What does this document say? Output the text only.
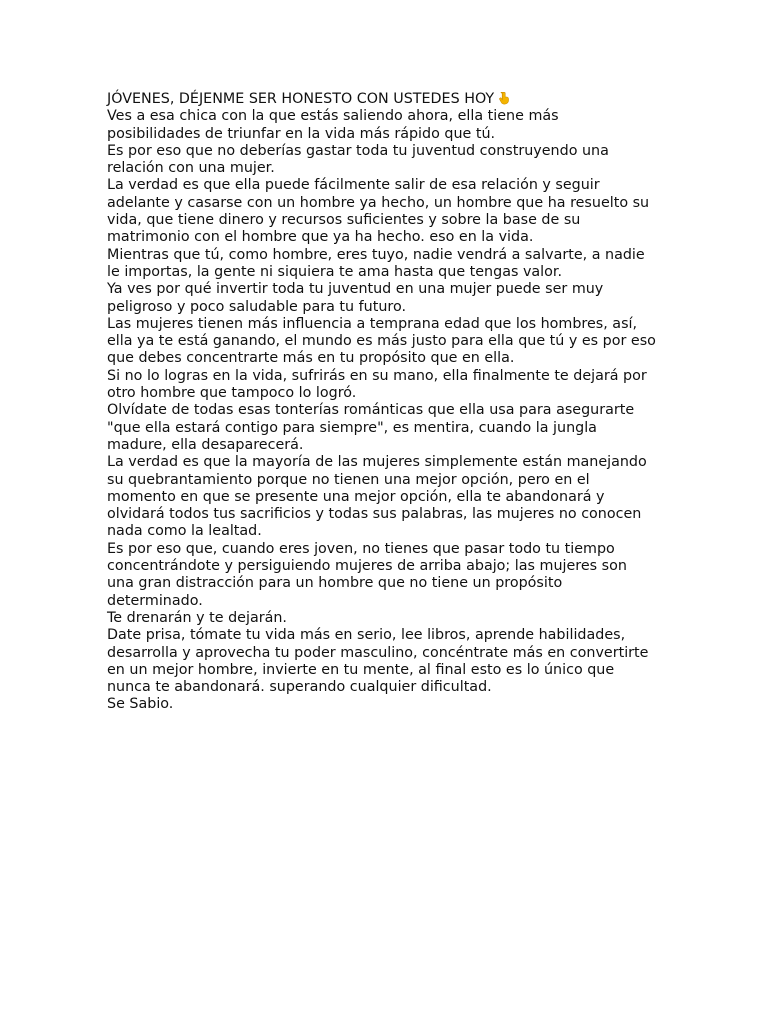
JÓVENES, DÉJENME SER HONESTO CON USTEDES HOY
Ves a esa chica con la que estás saliendo ahora, ella tiene más
posibilidades de triunfar en la vida más rápido que tú.
Es por eso que no deberías gastar toda tu juventud construyendo una
relación con una mujer.
La verdad es que ella puede fácilmente salir de esa relación y seguir
adelante y casarse con un hombre ya hecho, un hombre que ha resuelto su
vida, que tiene dinero y recursos suficientes y sobre la base de su
matrimonio con el hombre que ya ha hecho. eso en la vida.
Mientras que tú, como hombre, eres tuyo, nadie vendrá a salvarte, a nadie
le importas, la gente ni siquiera te ama hasta que tengas valor.
Ya ves por qué invertir toda tu juventud en una mujer puede ser muy
peligroso y poco saludable para tu futuro.
Las mujeres tienen más influencia a temprana edad que los hombres, así,
ella ya te está ganando, el mundo es más justo para ella que tú y es por eso
que debes concentrarte más en tu propósito que en ella.
Si no lo logras en la vida, sufrirás en su mano, ella finalmente te dejará por
otro hombre que tampoco lo logró.
Olvídate de todas esas tonterías románticas que ella usa para asegurarte
"que ella estará contigo para siempre", es mentira, cuando la jungla
madure, ella desaparecerá.
La verdad es que la mayoría de las mujeres simplemente están manejando
su quebrantamiento porque no tienen una mejor opción, pero en el
momento en que se presente una mejor opción, ella te abandonará y
olvidará todos tus sacrificios y todas sus palabras, las mujeres no conocen
nada como la lealtad.
Es por eso que, cuando eres joven, no tienes que pasar todo tu tiempo
concentrándote y persiguiendo mujeres de arriba abajo; las mujeres son
una gran distracción para un hombre que no tiene un propósito
determinado.
Te drenarán y te dejarán.
Date prisa, tómate tu vida más en serio, lee libros, aprende habilidades,
desarrolla y aprovecha tu poder masculino, concéntrate más en convertirte
en un mejor hombre, invierte en tu mente, al final esto es lo único que
nunca te abandonará. superando cualquier dificultad.
Se Sabio.
